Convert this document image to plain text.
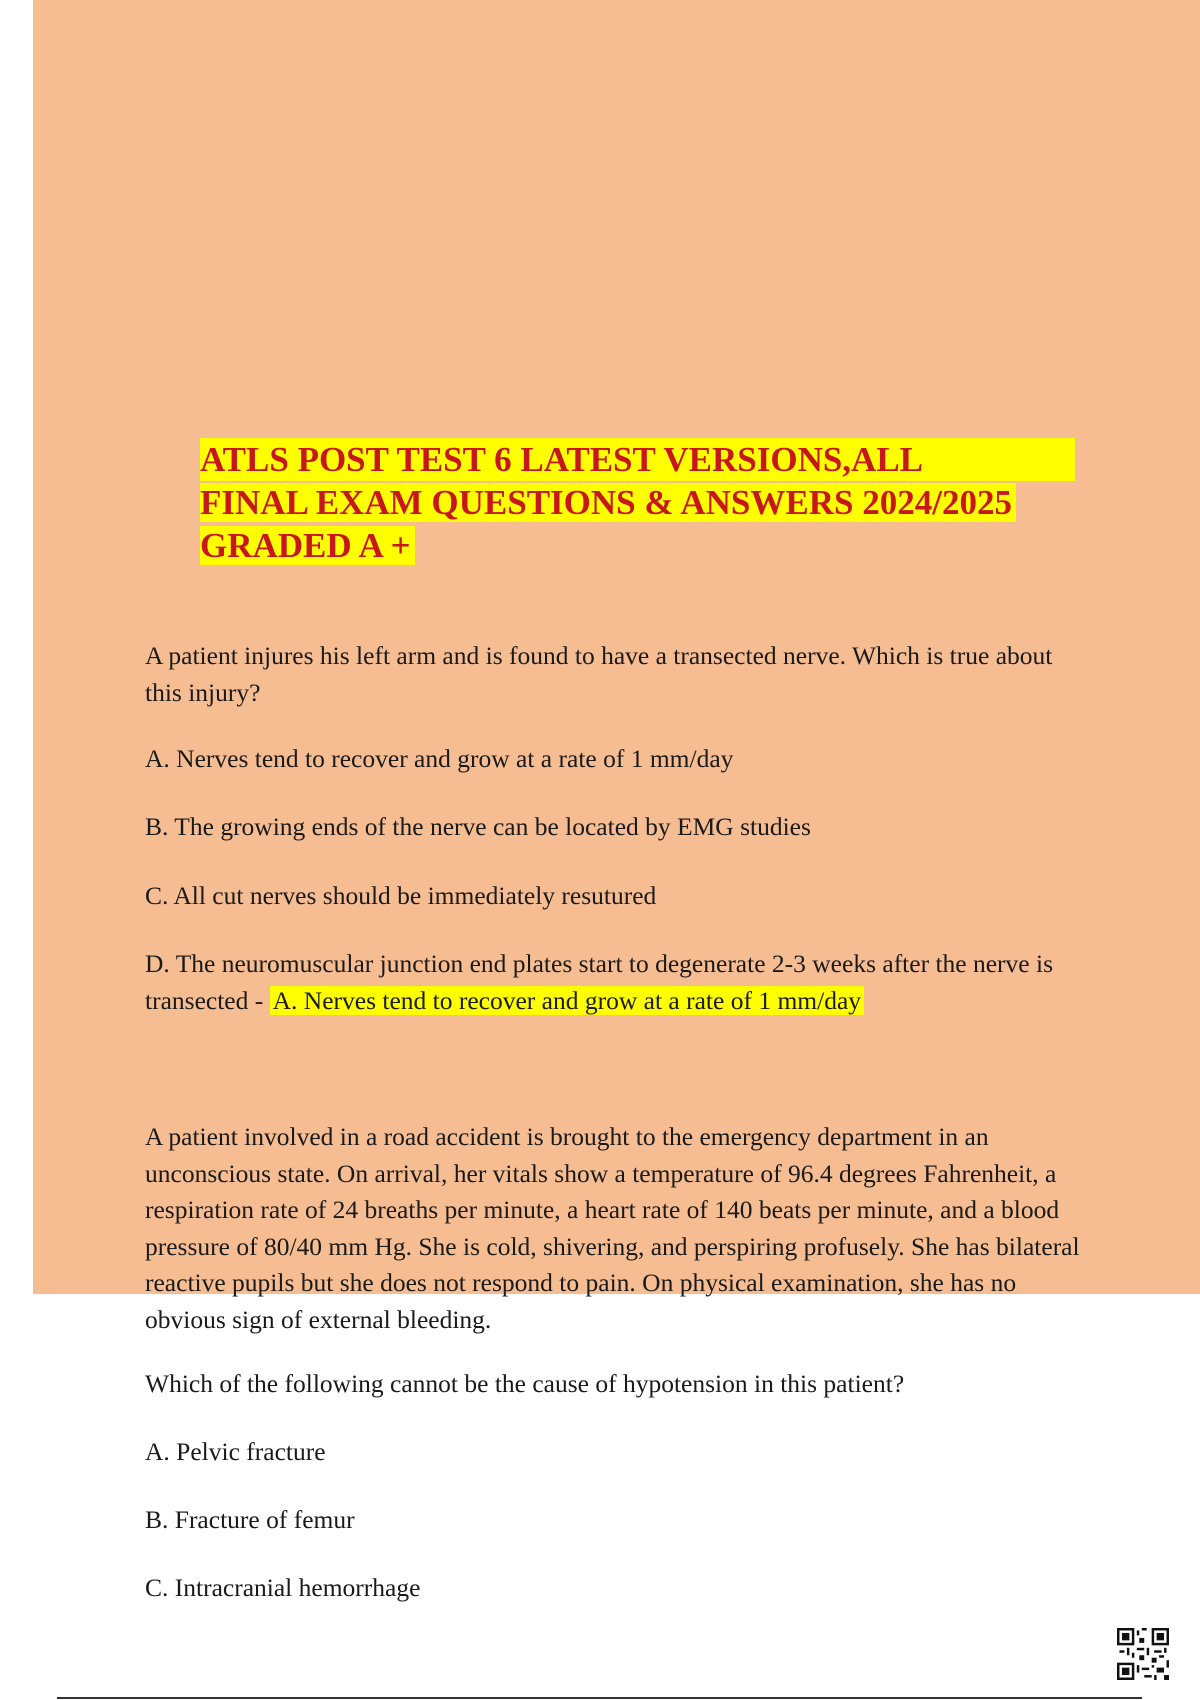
ATLS POST TEST 6 LATEST VERSIONS,ALL
FINAL EXAM QUESTIONS & ANSWERS 2024/2025
GRADED A +

A patient injures his left arm and is found to have a transected nerve. Which is true about this injury?

A. Nerves tend to recover and grow at a rate of 1 mm/day

B. The growing ends of the nerve can be located by EMG studies

C. All cut nerves should be immediately resutured

D. The neuromuscular junction end plates start to degenerate 2-3 weeks after the nerve is transected - A. Nerves tend to recover and grow at a rate of 1 mm/day

A patient involved in a road accident is brought to the emergency department in an unconscious state. On arrival, her vitals show a temperature of 96.4 degrees Fahrenheit, a respiration rate of 24 breaths per minute, a heart rate of 140 beats per minute, and a blood pressure of 80/40 mm Hg. She is cold, shivering, and perspiring profusely. She has bilateral reactive pupils but she does not respond to pain. On physical examination, she has no obvious sign of external bleeding.

Which of the following cannot be the cause of hypotension in this patient?

A. Pelvic fracture

B. Fracture of femur

C. Intracranial hemorrhage
